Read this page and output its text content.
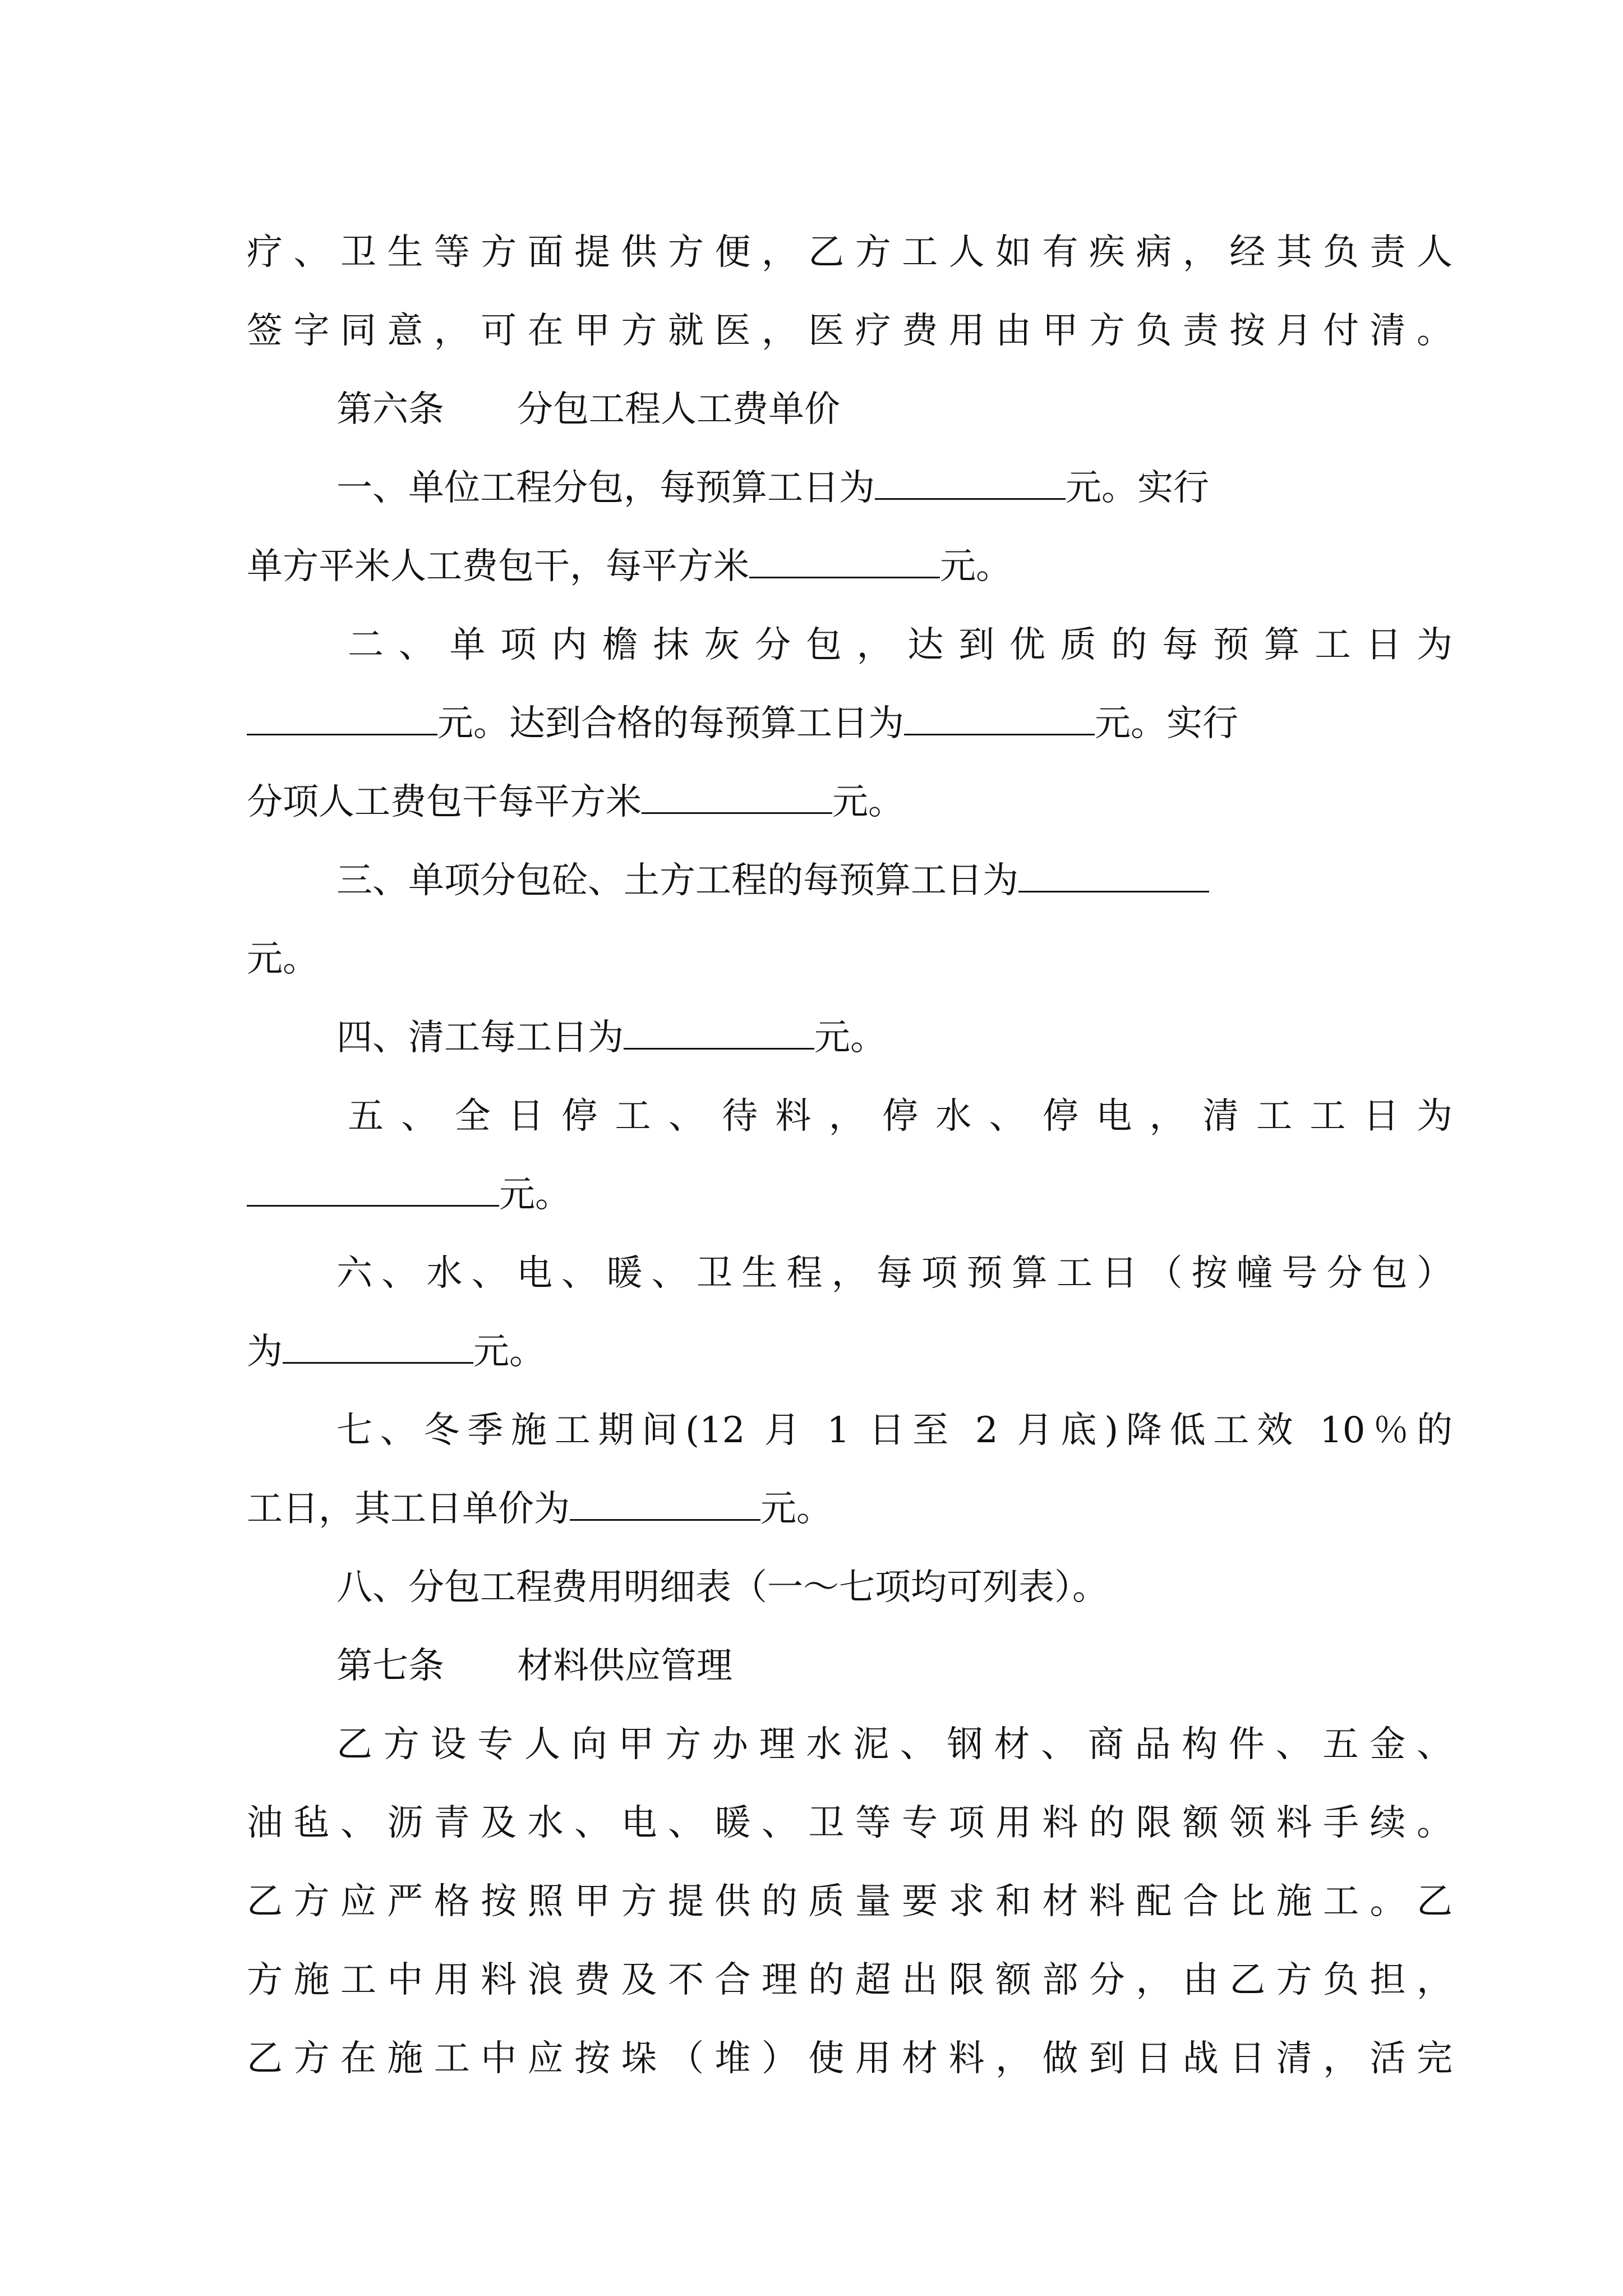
疗、卫生等方面提供方便，乙方工人如有疾病，经其负责人
签字同意，可在甲方就医，医疗费用由甲方负责按月付清。
第六条 分包工程人工费单价
一、单位工程分包，每预算工日为	元。实行
单方平米人工费包干，每平方米	元。
二、单项内檐抹灰分包，达到优质的每预算工日为
元。达到合格的每预算工日为	元。实行
分项人工费包干每平方米	元。
三、单项分包砼、土方工程的每预算工日为
元。
四、清工每工日为	元。
五、全日停工、待料，停水、停电，清工工日为
元。
六、水、电、暖、卫生程，每项预算工日（按幢号分包）
为	元。
七、冬季施工期间(12 月 1 日至 2 月底)降低工效 10％的
工日，其工日单价为	元。
八、分包工程费用明细表（一～七项均可列表）。
第七条 材料供应管理
乙方设专人向甲方办理水泥、钢材、商品构件、五金、
油毡、沥青及水、电、暖、卫等专项用料的限额领料手续。
乙方应严格按照甲方提供的质量要求和材料配合比施工。乙
方施工中用料浪费及不合理的超出限额部分，由乙方负担，
乙方在施工中应按垛（堆）使用材料，做到日战日清，活完
